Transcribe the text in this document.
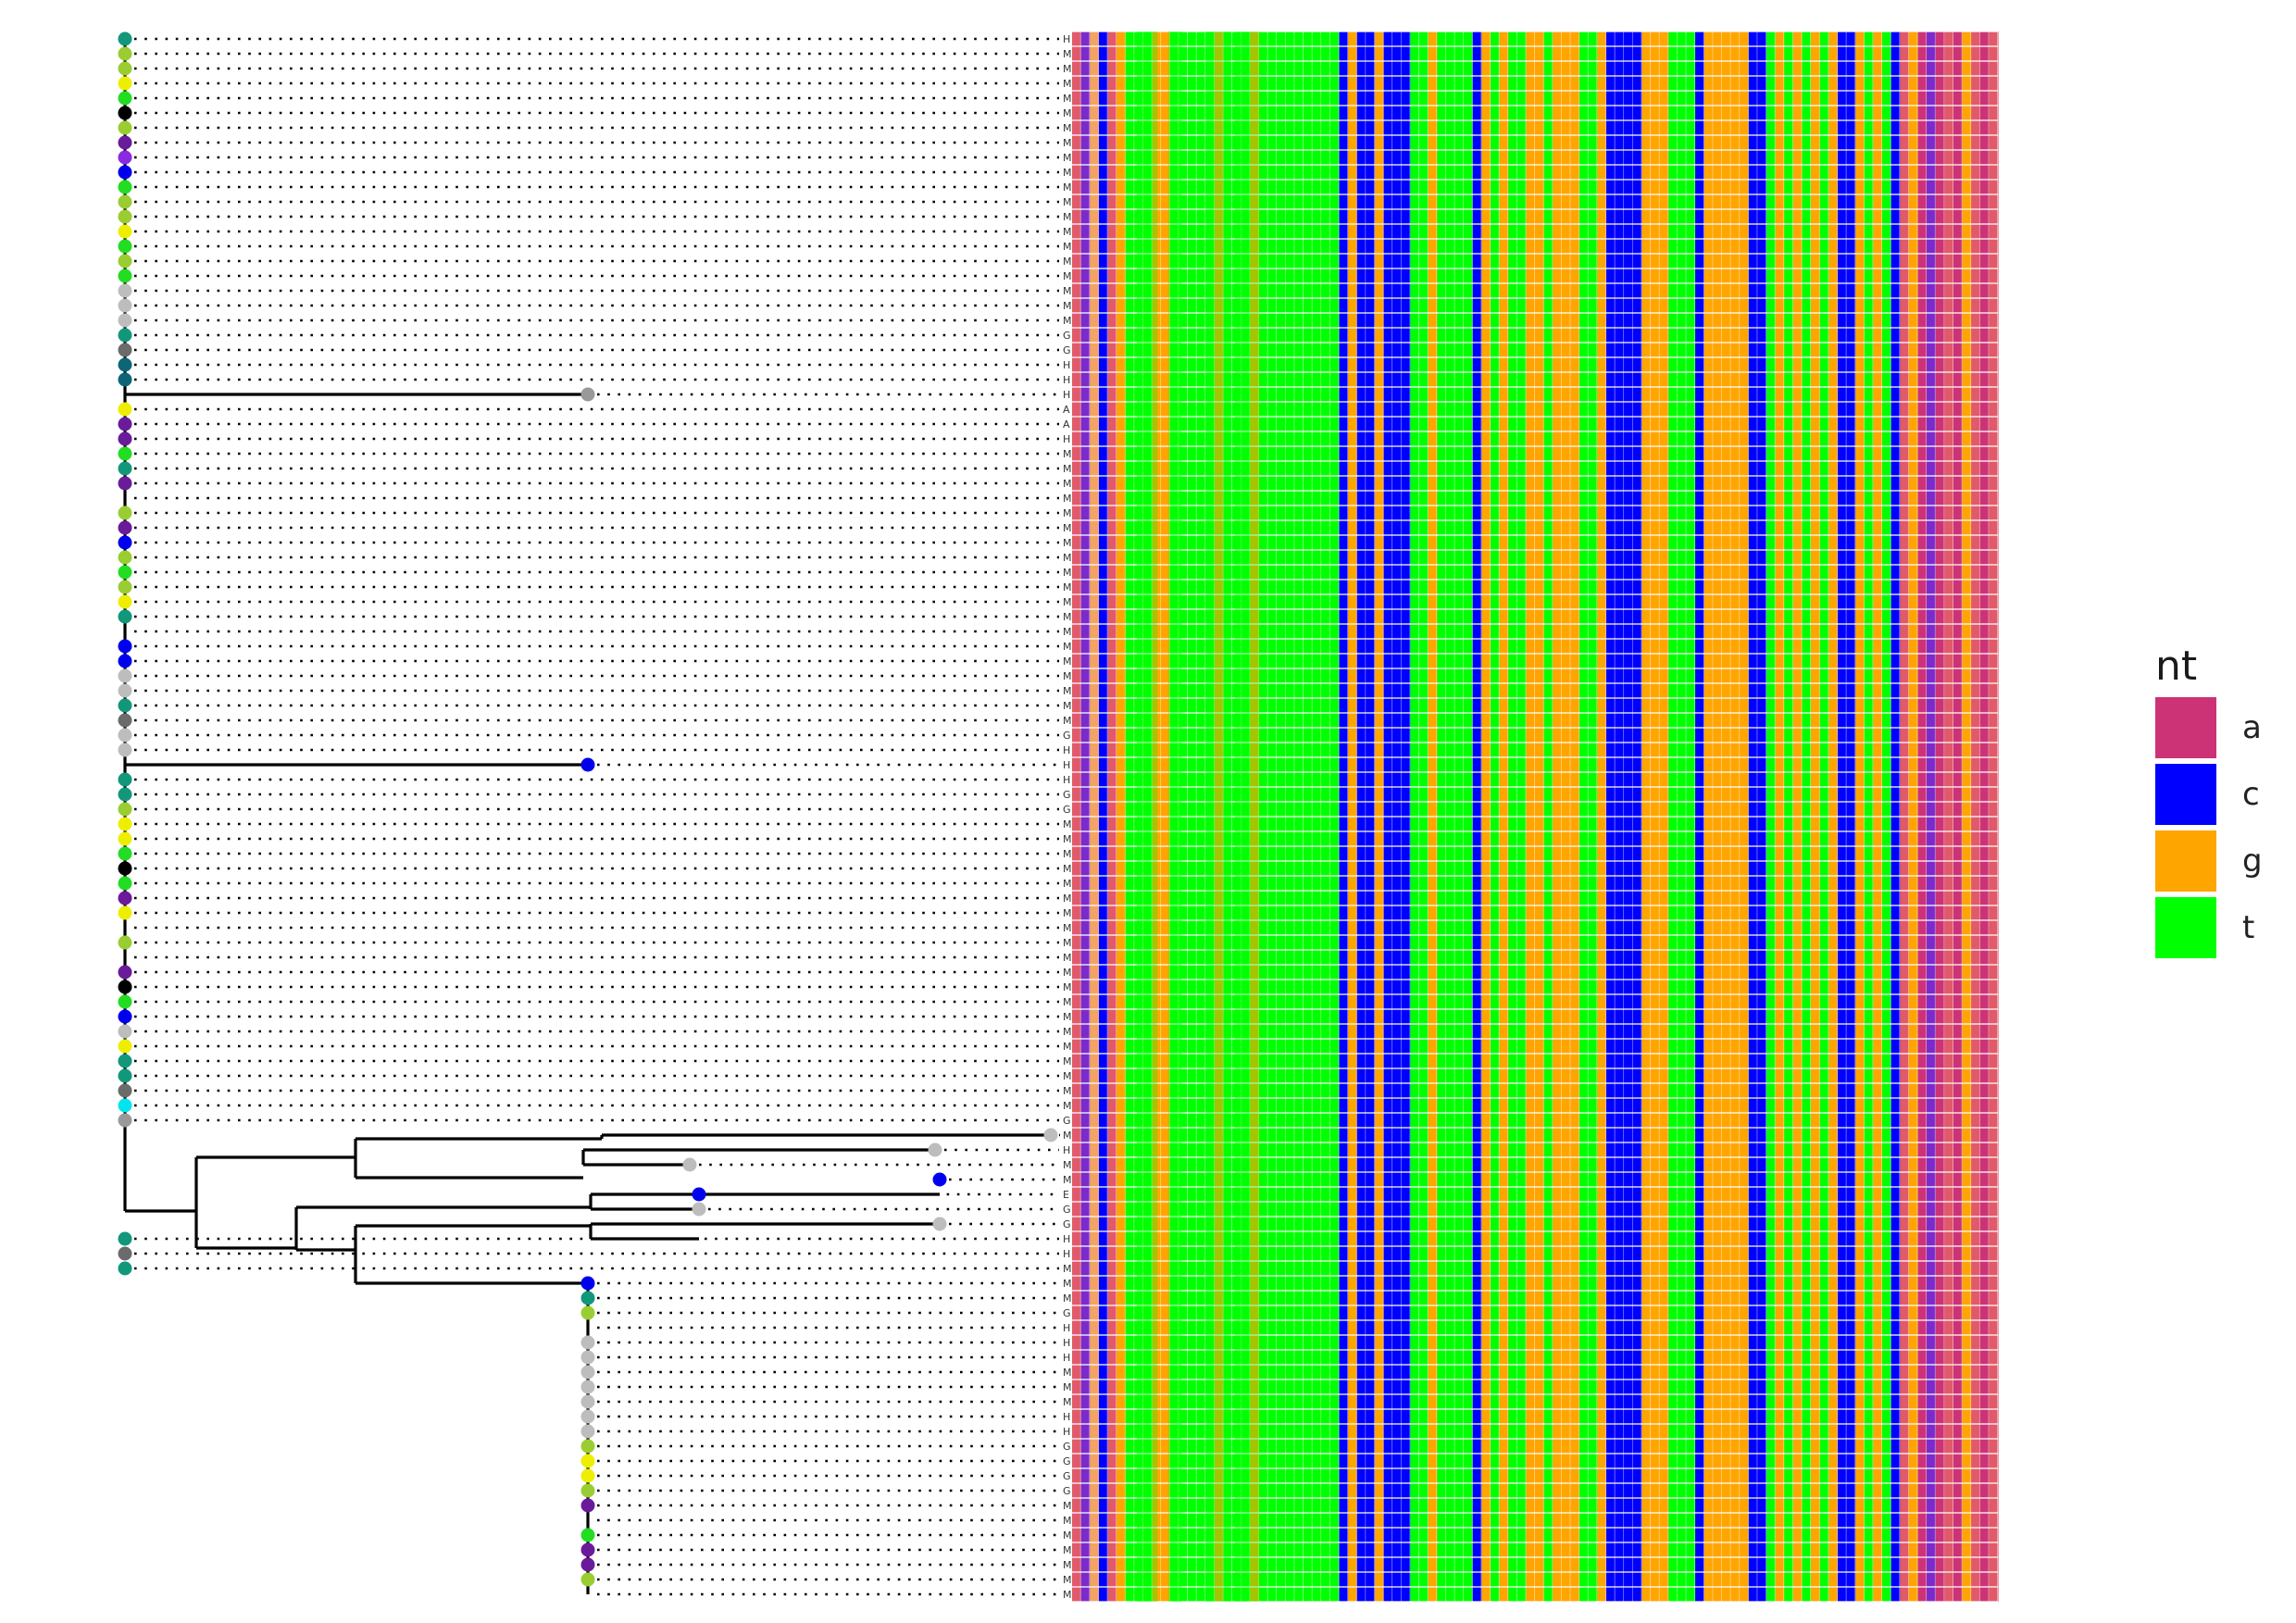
H
M
M
M
M
M
M
M
M
M
M
M
M
M
M
M
M
M
M
M
G
G
H
H
H
A
A
H
M
M
M
M
M
M
M
M
M
M
M
M
M
M
M
M
M
M
M
G
H
H
H
G
G
M
M
M
M
M
M
M
M
M
M
M
M
M
M
M
M
M
M
M
M
G
M
H
M
M
E
G
G
H
H
M
M
M
G
H
H
H
M
M
M
H
H
G
G
G
G
M
M
M
M
M
M
M
nt
a
c
g
t
